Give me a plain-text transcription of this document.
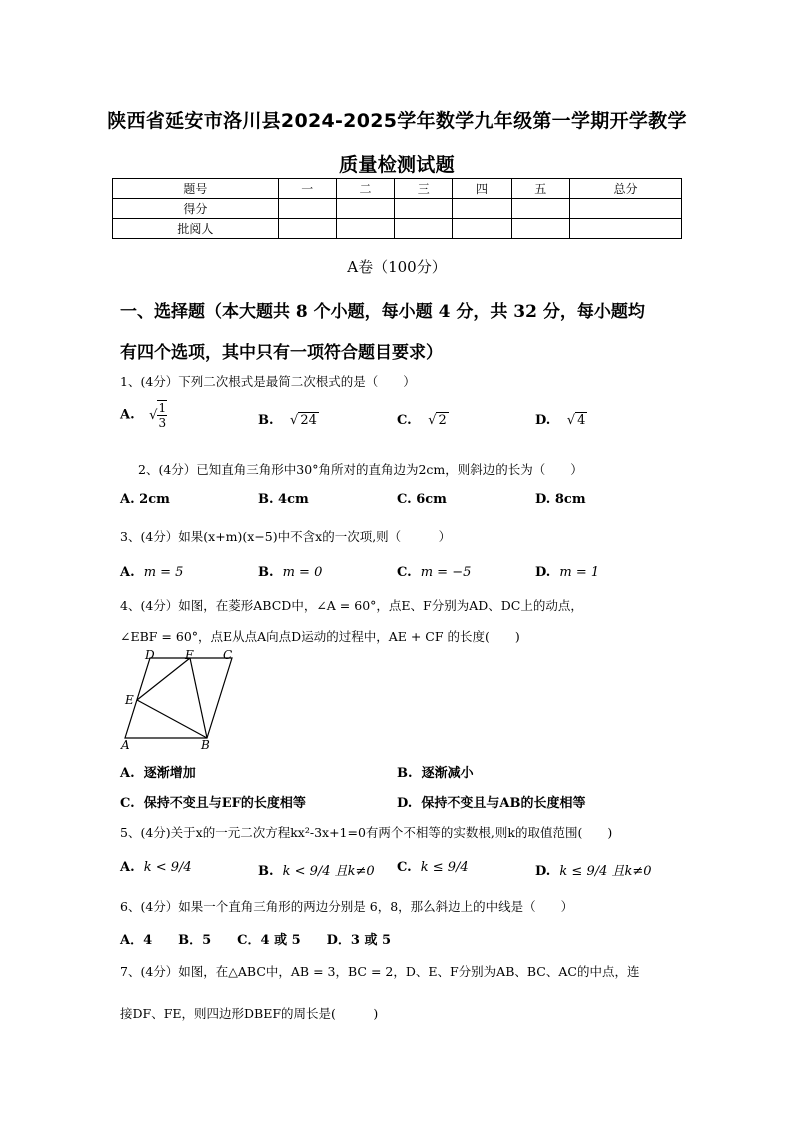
陕西省延安市洛川县2024-2025学年数学九年级第一学期开学教学
质量检测试题
题号	一	二	三	四	五	总分
得分						
批阅人						
A卷（100分）
一、选择题（本大题共 8 个小题，每小题 4 分，共 32 分，每小题均
有四个选项，其中只有一项符合题目要求）
1、(4分）下列二次根式是最简二次根式的是（　　）
A. √ $\frac{1}{3}$	B. √ 24	C. √ 2	D. √ 4
2、(4分）已知直角三角形中30°角所对的直角边为2cm，则斜边的长为（　　）
A. 2cm	B. 4cm	C. 6cm	D. 8cm
3、(4分）如果(x+m)(x−5)中不含x的一次项,则（　　　）
A. m = 5	B. m = 0	C. m = −5	D. m = 1
4、(4分）如图，在菱形ABCD中，∠A = 60°，点E、F分别为AD、DC上的动点，
∠EBF = 60°，点E从点A向点D运动的过程中，AE + CF 的长度(　　)
D	F C
E
A	B
A. 逐渐增加	B. 逐渐减小
C. 保持不变且与EF的长度相等	D. 保持不变且与AB的长度相等
5、(4分)关于x的一元二次方程kx²-3x+1=0有两个不相等的实数根,则k的取值范围(　　)
A. k < 9/4	B. k < 9/4 且k≠0 C. k ≤ 9/4	D. k ≤ 9/4 且k≠0
6、(4分）如果一个直角三角形的两边分别是 6，8，那么斜边上的中线是（　　）
A．4　　B．5　　C．4 或 5　　D．3 或 5
7、(4分）如图，在△ABC中，AB = 3，BC = 2，D、E、F分别为AB、BC、AC的中点，连
接DF、FE，则四边形DBEF的周长是(　　　)
